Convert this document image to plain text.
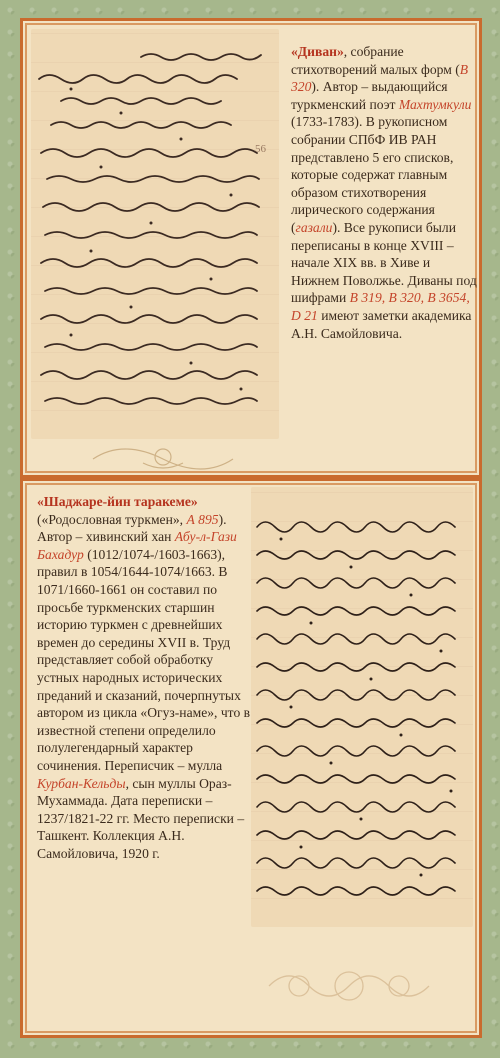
56
«Диван», собрание стихотворений малых форм (В 320). Автор – выдающийся туркменский поэт Махтумкули (1733-1783). В рукописном собрании СПбФ ИВ РАН представлено 5 его списков, которые содержат главным образом стихотворения лирического содержания (газали). Все рукописи были переписаны в конце XVIII – начале XIX вв. в Хиве и Нижнем Поволжье. Диваны под шифрами В 319, В 320, В 3654, D 21 имеют заметки академика А.Н. Самойловича.
«Шаджаре-йин таракеме» («Родословная туркмен», А 895). Автор – хивинский хан Абу-л-Гази Бахадур (1012/1074-/1603-1663), правил в 1054/1644-1074/1663. В 1071/1660-1661 он составил по просьбе туркменских старшин историю туркмен с древнейших времен до середины XVII в. Труд представляет собой обработку устных народных исторических преданий и сказаний, почерпнутых автором из цикла «Огуз-наме», что в известной степени определило полулегендарный характер сочинения. Переписчик – мулла Курбан-Кельды, сын муллы Ораз-Мухаммада. Дата переписки – 1237/1821-22 гг. Место переписки – Ташкент. Коллекция А.Н. Самойловича, 1920 г.
